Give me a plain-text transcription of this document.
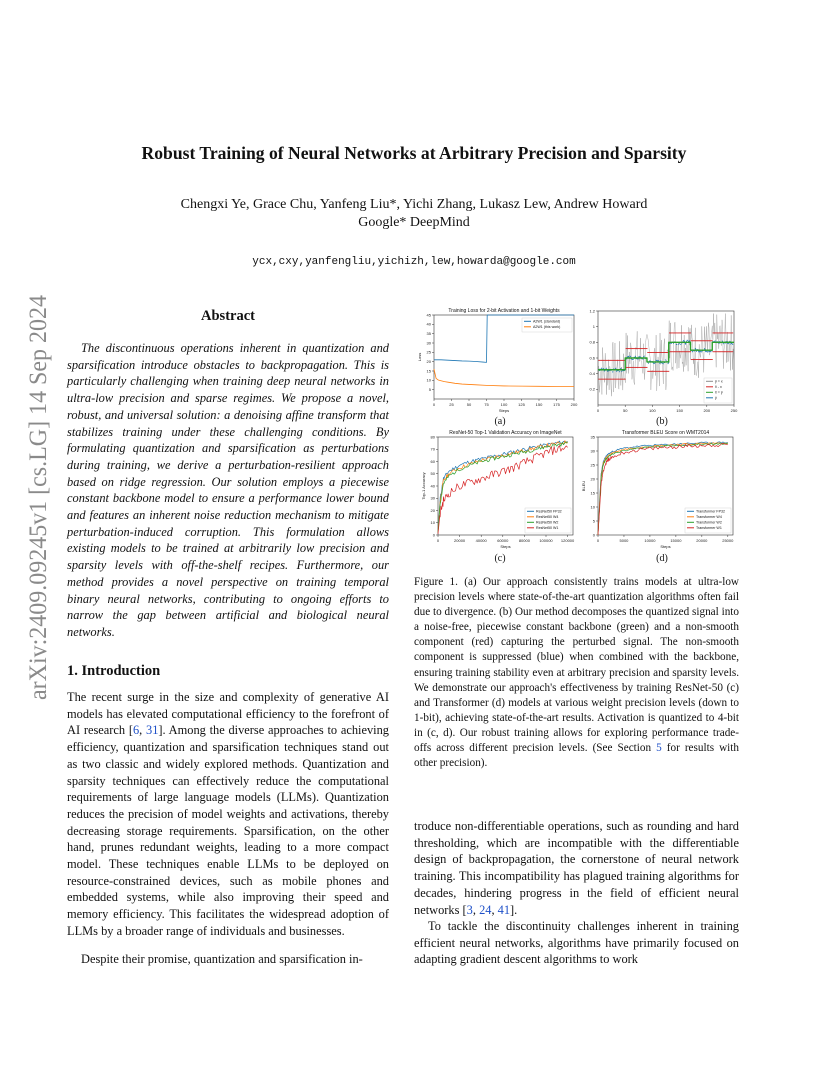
arXiv:2409.09245v1 [cs.LG] 14 Sep 2024
Robust Training of Neural Networks at Arbitrary Precision and Sparsity
Chengxi Ye, Grace Chu, Yanfeng Liu*, Yichi Zhang, Lukasz Lew, Andrew Howard
Google* DeepMind
ycx,cxy,yanfengliu,yichizh,lew,howarda@google.com
Abstract

The discontinuous operations inherent in quantization and sparsification introduce obstacles to backpropagation. This is particularly challenging when training deep neural networks in ultra-low precision and sparse regimes. We propose a novel, robust, and universal solution: a denoising affine transform that stabilizes training under these challenging conditions. By formulating quantization and sparsification as perturbations during training, we derive a perturbation-resilient approach based on ridge regression. Our solution employs a piecewise constant backbone model to ensure a performance lower bound and features an inherent noise reduction mechanism to mitigate perturbation-induced corruption. This formulation allows existing models to be trained at arbitrarily low precision and sparsity levels with off-the-shelf recipes. Furthermore, our method provides a novel perspective on training temporal binary neural networks, contributing to ongoing efforts to narrow the gap between artificial and biological neural networks.

1. Introduction

The recent surge in the size and complexity of generative AI models has elevated computational efficiency to the forefront of AI research [6, 31]. Among the diverse approaches to achieving efficiency, quantization and sparsification techniques stand out as two classic and widely explored methods. Quantization and sparsity techniques can effectively reduce the computational requirements of large language models (LLMs). Quantization reduces the precision of model weights and activations, thereby decreasing storage requirements. Sparsification, on the other hand, prunes redundant weights, leading to a more compact model. These techniques enable LLMs to be deployed on resource-constrained devices, such as mobile phones and embedded systems, while also improving their speed and memory efficiency. This facilitates the widespread adoption of LLMs by a broader range of individuals and businesses.

Despite their promise, quantization and sparsification in-

0	25	50	75	100	125	150	175	200
5
10
15
20
25
30
35
40
45
Training Loss for 2-bit Activation and 1-bit Weights
Steps
Loss
A2W1 (standard)
A2W1 (this work)
0	50	100	150	200	250
0.2
0.4
0.6
0.8
1
1.2
ŷ = x
x̂ - x
x̂ = ŷ
ŷ
0	20000	40000	60000	80000 100000 120000
0
10
20
30
40
50
60
70
80
ResNet-50 Top-1 Validation Accuracy on ImageNet
Steps
Top-1 Accuracy
ResNet50 FP32
ResNet50 W4
ResNet50 W2
ResNet50 W1
0	5000	10000	15000	20000	25000
0
5
10
15
20
25
30
35
Transformer BLEU Score on WMT2014
Steps
BLEU
Transformer FP32
Transformer W4
Transformer W2
Transformer W1
(a)	(b)
(c)	(d)

Figure 1. (a) Our approach consistently trains models at ultra-low precision levels where state-of-the-art quantization algorithms often fail due to divergence. (b) Our method decomposes the quantized signal into a noise-free, piecewise constant backbone (green) and a non-smooth component (red) capturing the perturbed signal. The non-smooth component is suppressed (blue) when combined with the backbone, ensuring training stability even at arbitrary precision and sparsity levels. We demonstrate our approach's effectiveness by training ResNet-50 (c) and Transformer (d) models at various weight precision levels (down to 1-bit), achieving state-of-the-art results. Activation is quantized to 4-bit in (c, d). Our robust training allows for exploring performance trade-offs across different precision levels. (See Section 5 for results with other precision).

troduce non-differentiable operations, such as rounding and hard thresholding, which are incompatible with the differentiable design of backpropagation, the cornerstone of neural network training. This incompatibility has plagued training algorithms for decades, hindering progress in the field of efficient neural networks [3, 24, 41].

To tackle the discontinuity challenges inherent in training efficient neural networks, algorithms have primarily focused on adapting gradient descent algorithms to work
